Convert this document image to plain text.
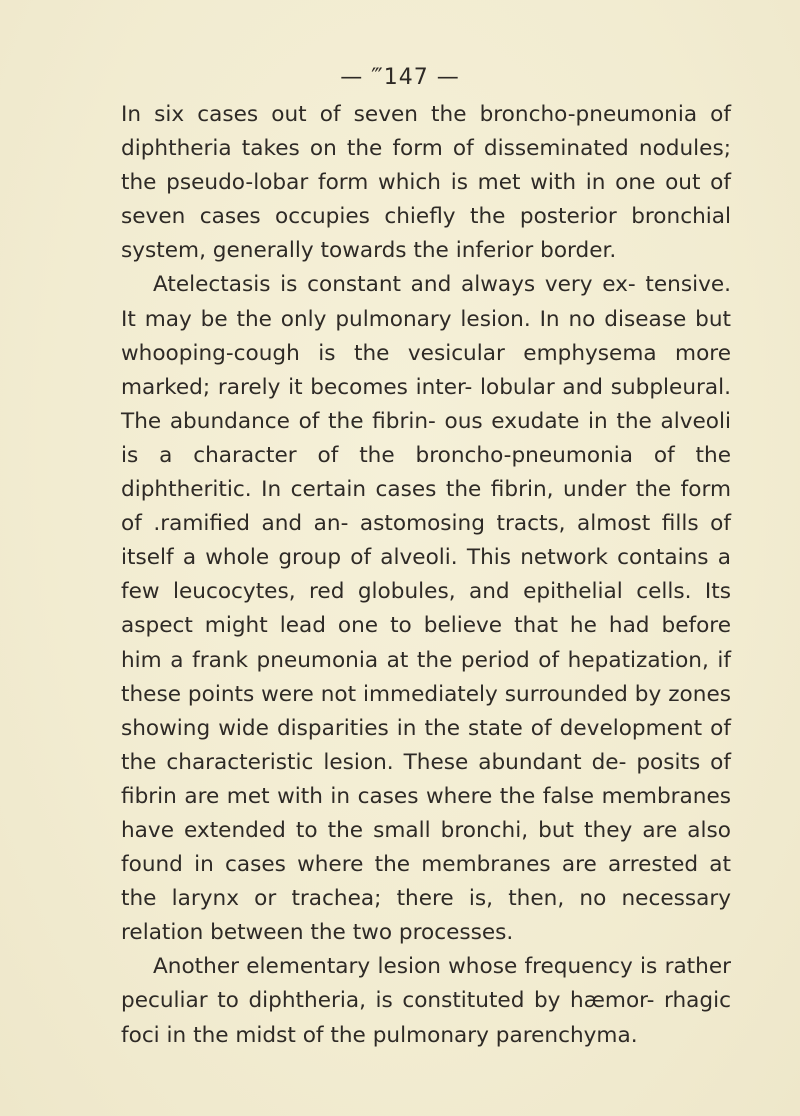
— ‴147 —

In six cases out of seven the broncho-pneumonia of diphtheria takes on the form of disseminated nodules; the pseudo-lobar form which is met with in one out of seven cases occupies chiefly the posterior bronchial system, generally towards the inferior border.

Atelectasis is constant and always very ex- tensive. It may be the only pulmonary lesion. In no disease but whooping-cough is the vesicular emphysema more marked; rarely it becomes inter- lobular and subpleural. The abundance of the fibrin- ous exudate in the alveoli is a character of the broncho-pneumonia of the diphtheritic. In certain cases the fibrin, under the form of .ramified and an- astomosing tracts, almost fills of itself a whole group of alveoli. This network contains a few leucocytes, red globules, and epithelial cells. Its aspect might lead one to believe that he had before him a frank pneumonia at the period of hepatization, if these points were not immediately surrounded by zones showing wide disparities in the state of development of the characteristic lesion. These abundant de- posits of fibrin are met with in cases where the false membranes have extended to the small bronchi, but they are also found in cases where the membranes are arrested at the larynx or trachea; there is, then, no necessary relation between the two processes.

Another elementary lesion whose frequency is rather peculiar to diphtheria, is constituted by hæmor- rhagic foci in the midst of the pulmonary parenchyma.
